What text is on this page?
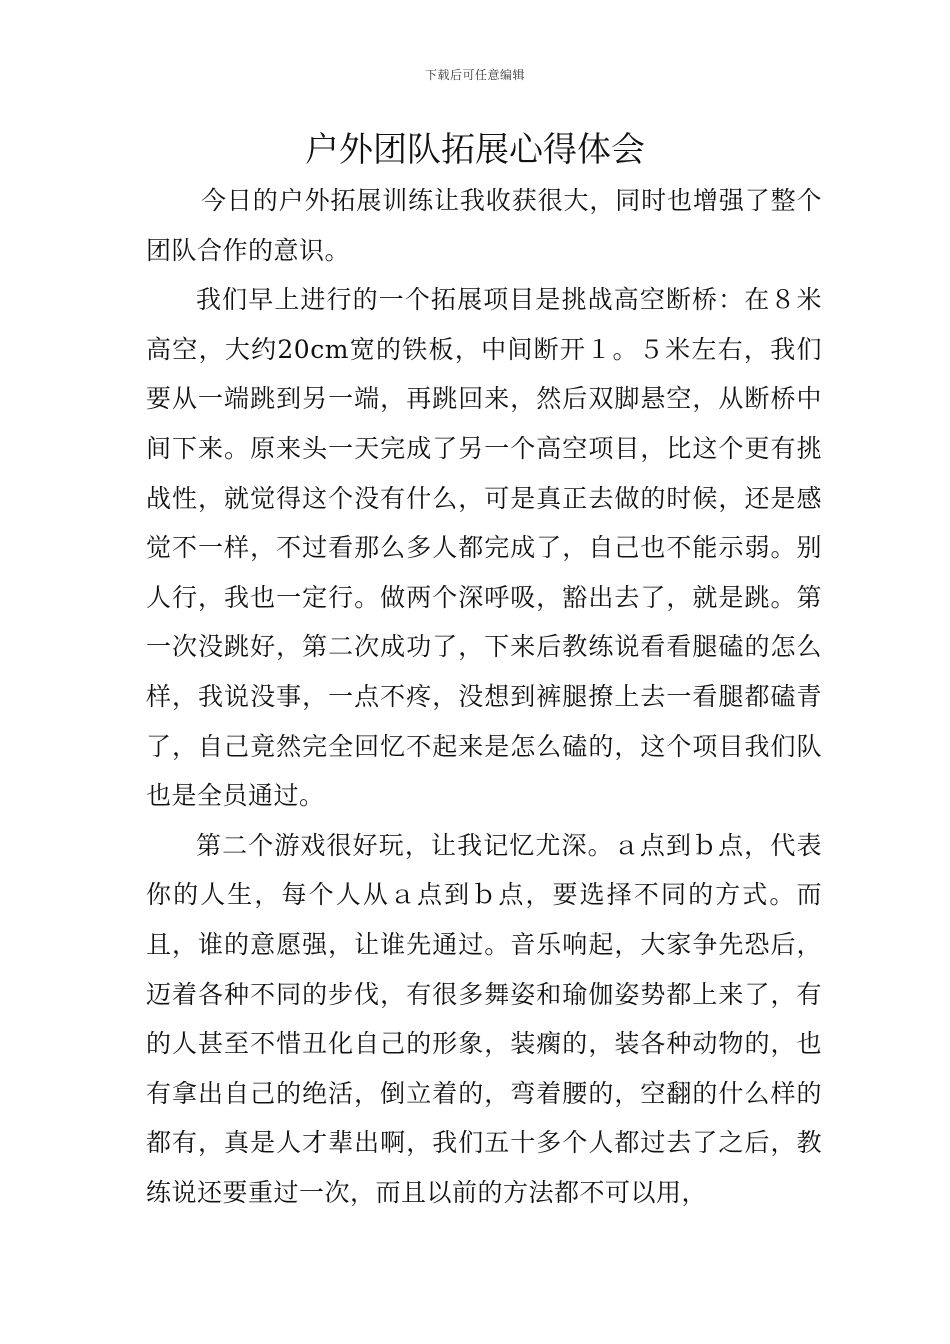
下载后可任意编辑
户外团队拓展心得体会

今日的户外拓展训练让我收获很大，同时也增强了整个团队合作的意识。

我们早上进行的一个拓展项目是挑战高空断桥：在８米高空，大约20cm宽的铁板，中间断开１。５米左右，我们要从一端跳到另一端，再跳回来，然后双脚悬空，从断桥中间下来。原来头一天完成了另一个高空项目，比这个更有挑战性，就觉得这个没有什么，可是真正去做的时候，还是感觉不一样，不过看那么多人都完成了，自己也不能示弱。别人行，我也一定行。做两个深呼吸，豁出去了，就是跳。第一次没跳好，第二次成功了，下来后教练说看看腿磕的怎么样，我说没事，一点不疼，没想到裤腿撩上去一看腿都磕青了，自己竟然完全回忆不起来是怎么磕的，这个项目我们队也是全员通过。

第二个游戏很好玩，让我记忆尤深。ａ点到ｂ点，代表你的人生，每个人从ａ点到ｂ点，要选择不同的方式。而且，谁的意愿强，让谁先通过。音乐响起，大家争先恐后，迈着各种不同的步伐，有很多舞姿和瑜伽姿势都上来了，有的人甚至不惜丑化自己的形象，装瘸的，装各种动物的，也有拿出自己的绝活，倒立着的，弯着腰的，空翻的什么样的都有，真是人才辈出啊，我们五十多个人都过去了之后，教练说还要重过一次，而且以前的方法都不可以用，
